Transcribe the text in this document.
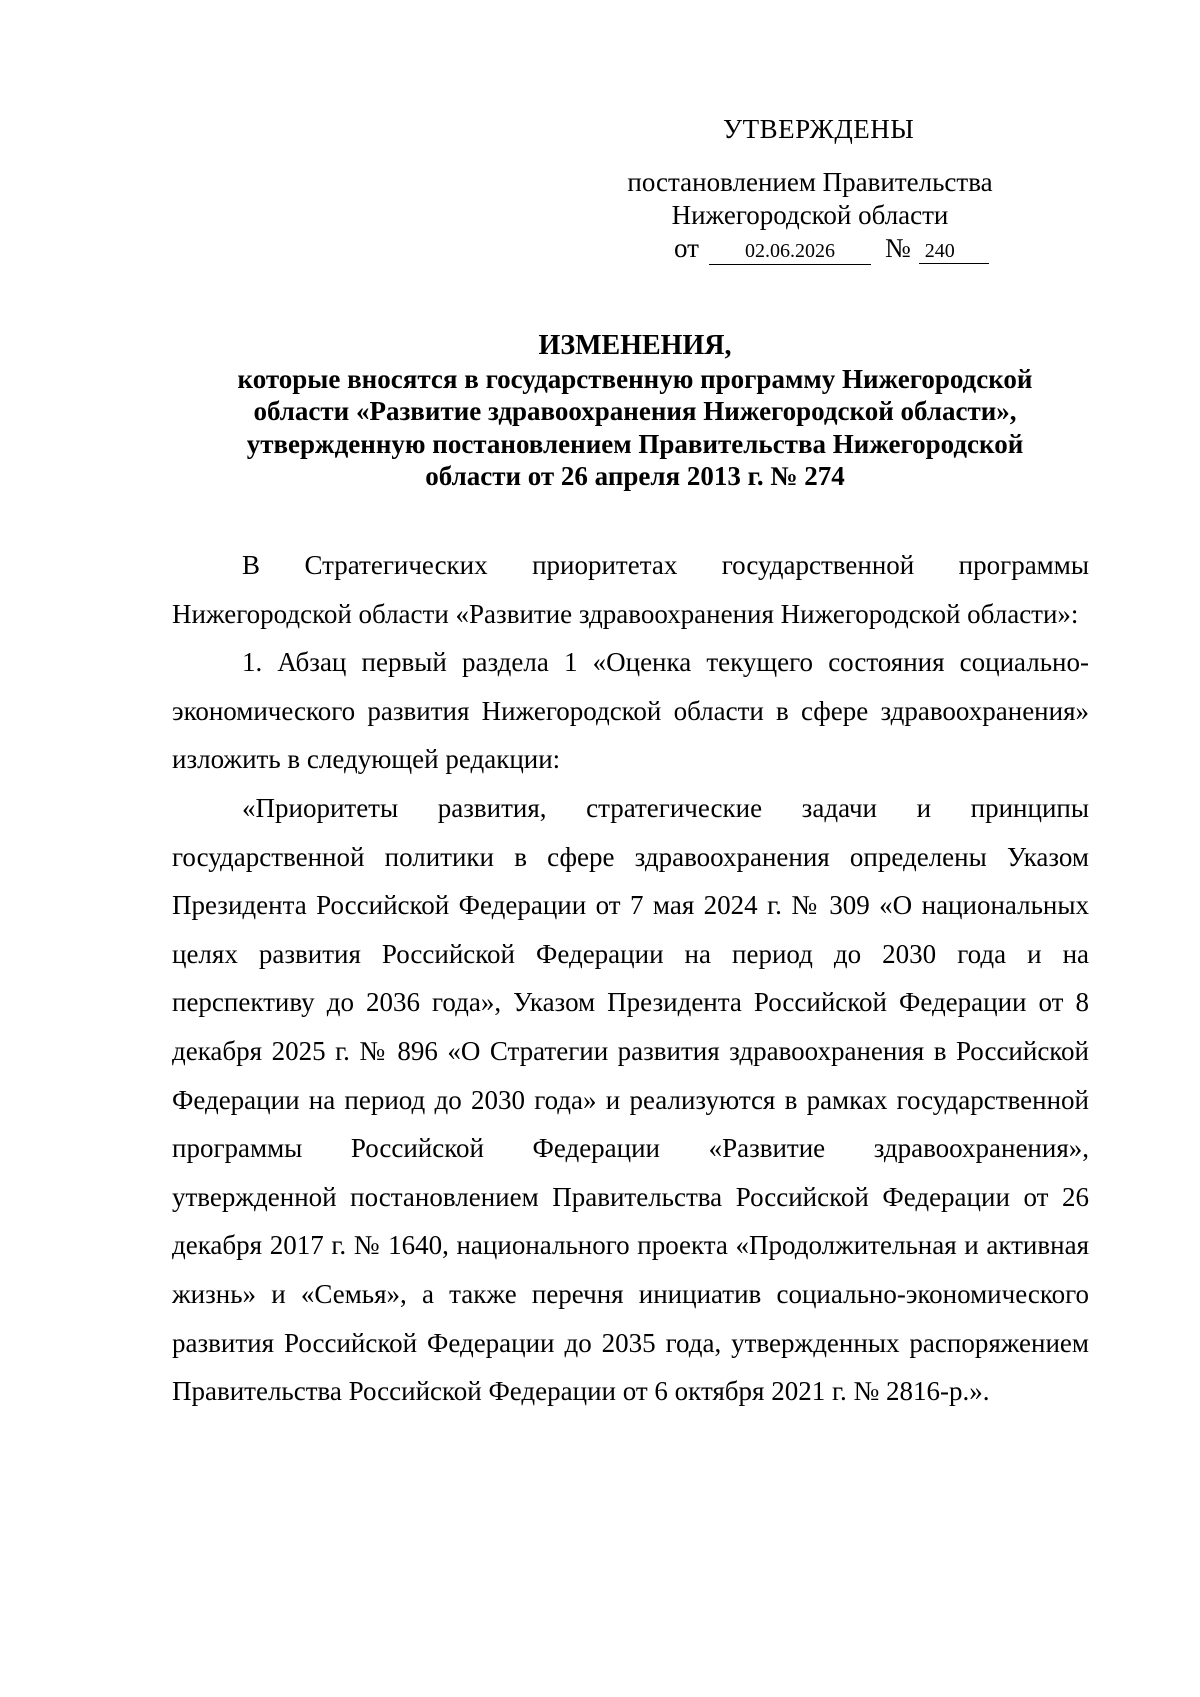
УТВЕРЖДЕНЫ
постановлением Правительства
Нижегородской области
от 02.06.2026 № 240
ИЗМЕНЕНИЯ,
которые вносятся в государственную программу Нижегородской
области «Развитие здравоохранения Нижегородской области»,
утвержденную постановлением Правительства Нижегородской
области от 26 апреля 2013 г. № 274

В Стратегических приоритетах государственной программы Нижегородской области «Развитие здравоохранения Нижегородской области»:

1. Абзац первый раздела 1 «Оценка текущего состояния социально-экономического развития Нижегородской области в сфере здравоохранения» изложить в следующей редакции:

«Приоритеты развития, стратегические задачи и принципы государственной политики в сфере здравоохранения определены Указом Президента Российской Федерации от 7 мая 2024 г. № 309 «О национальных целях развития Российской Федерации на период до 2030 года и на перспективу до 2036 года», Указом Президента Российской Федерации от 8 декабря 2025 г. № 896 «О Стратегии развития здравоохранения в Российской Федерации на период до 2030 года» и реализуются в рамках государственной программы Российской Федерации «Развитие здравоохранения», утвержденной постановлением Правительства Российской Федерации от 26 декабря 2017 г. № 1640, национального проекта «Продолжительная и активная жизнь» и «Семья», а также перечня инициатив социально-экономического развития Российской Федерации до 2035 года, утвержденных распоряжением Правительства Российской Федерации от 6 октября 2021 г. № 2816-р.».
